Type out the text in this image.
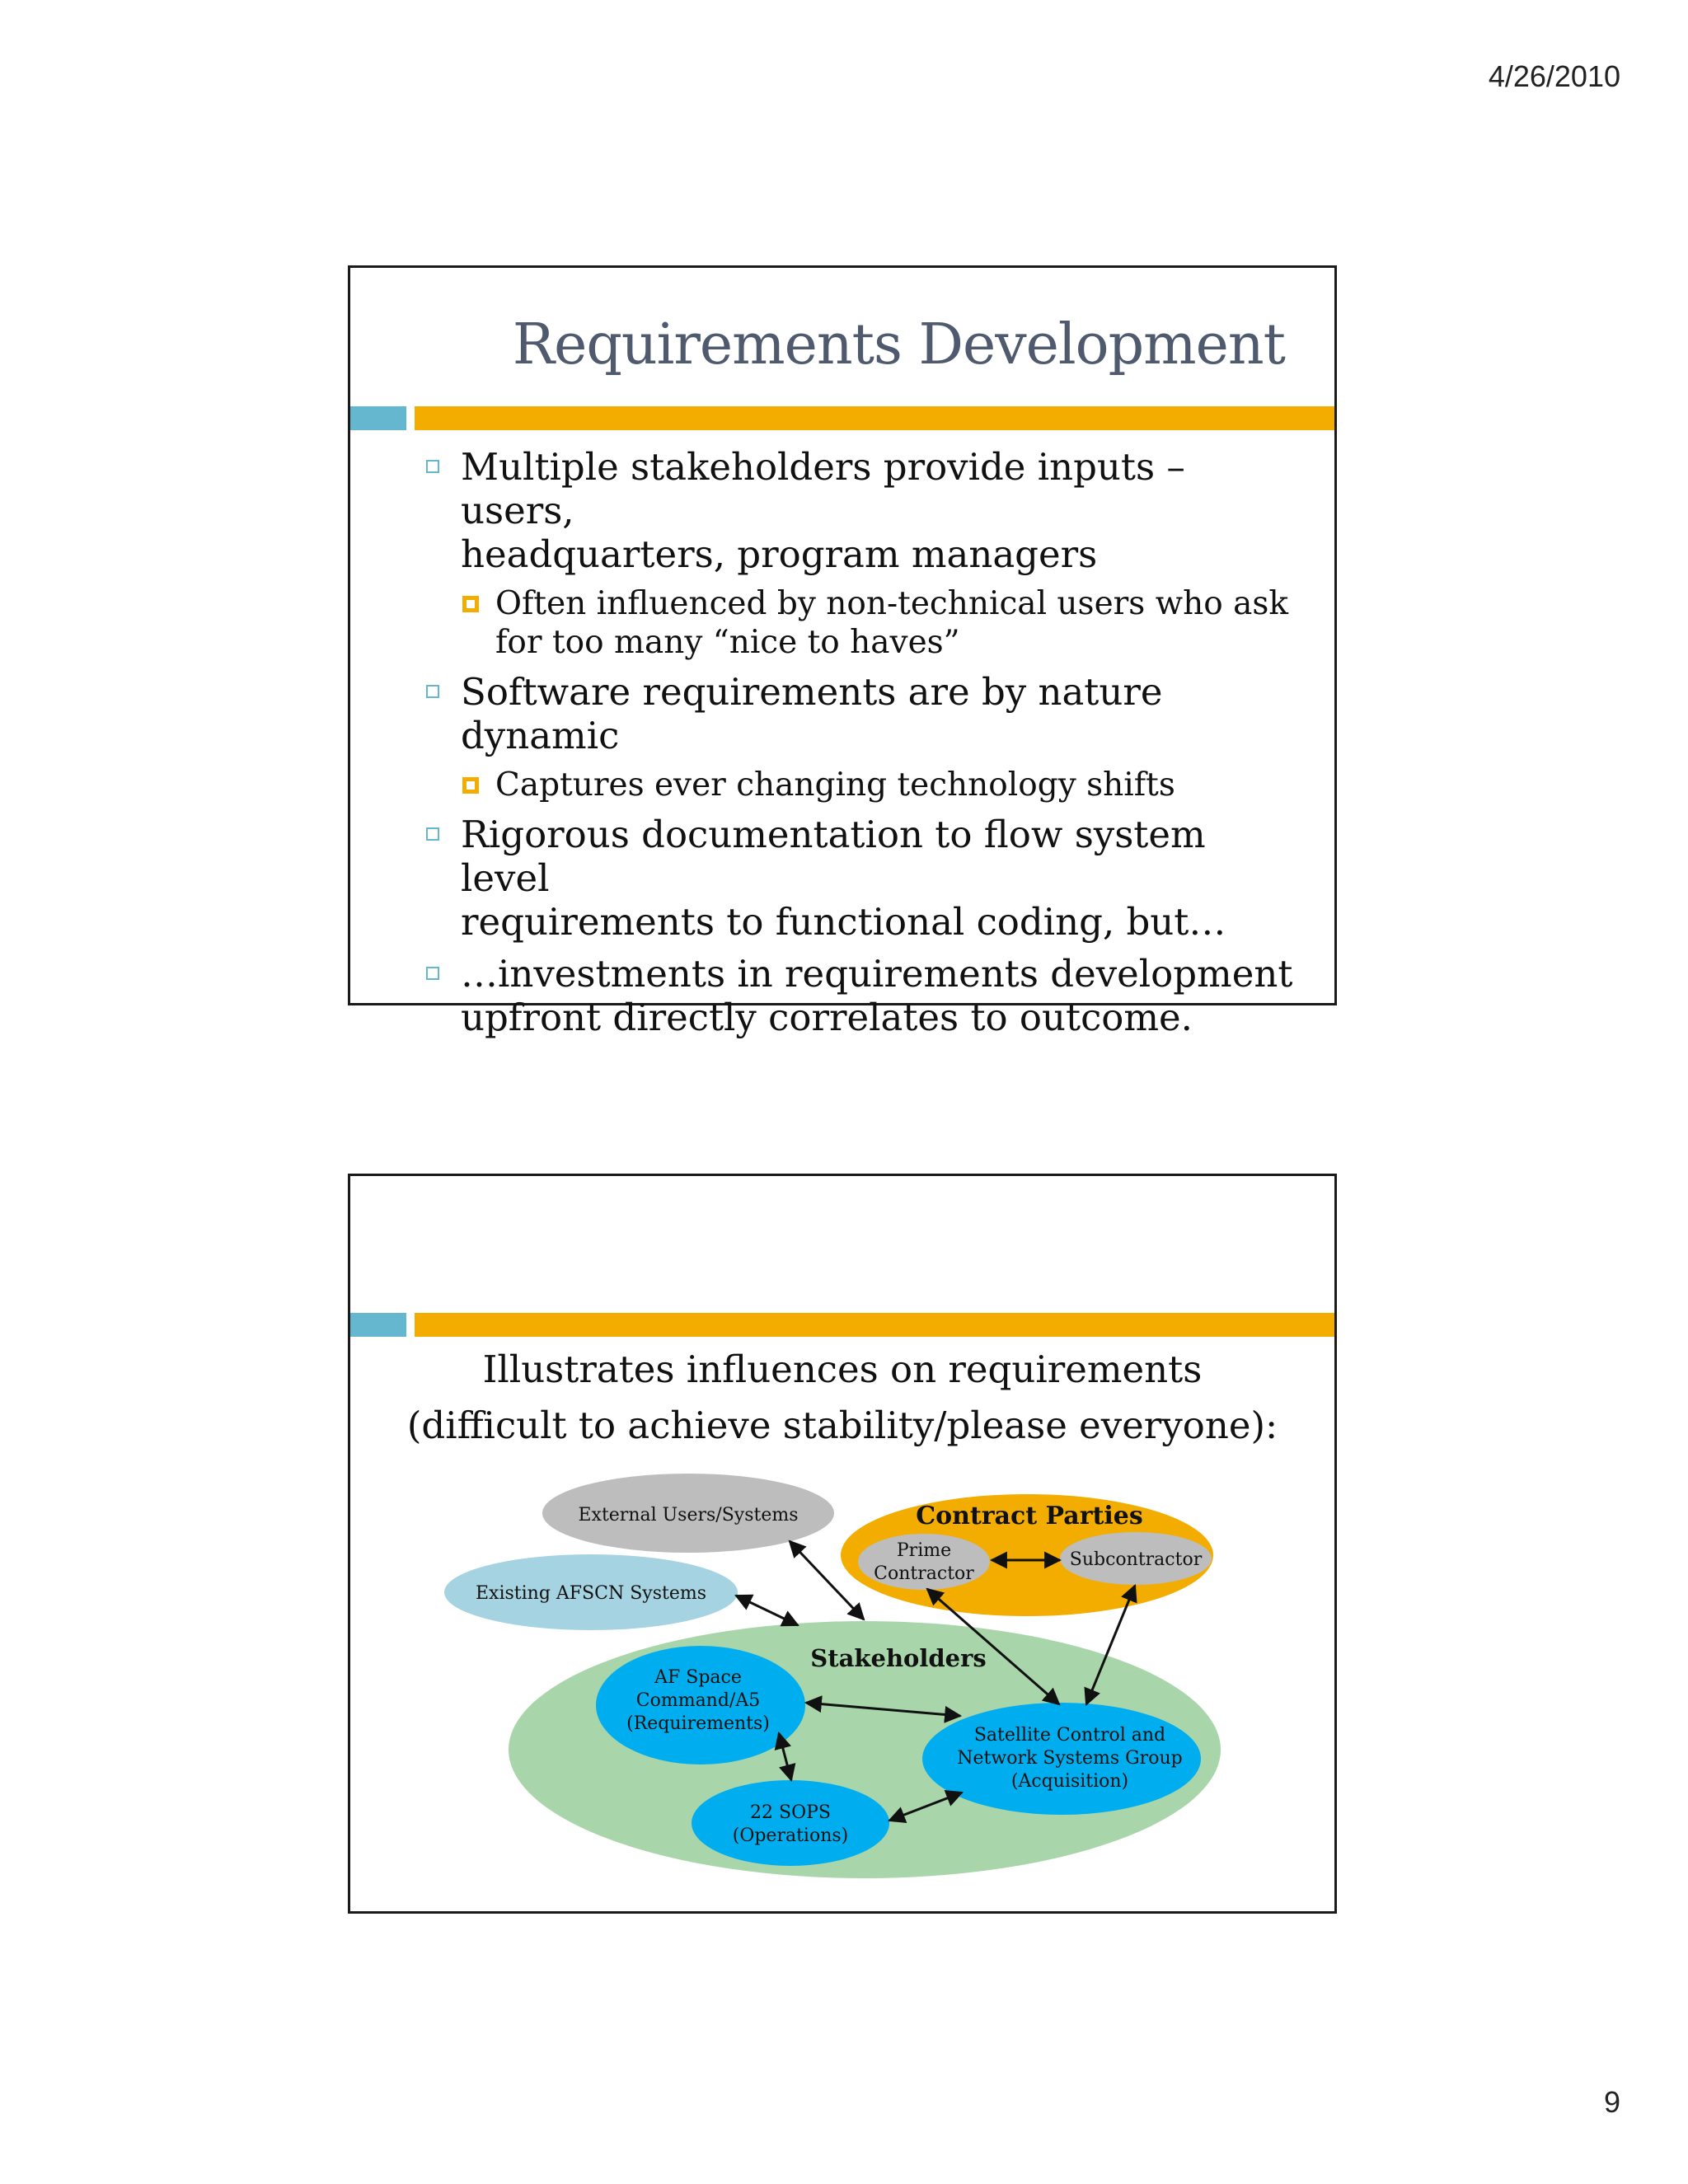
4/26/2010
Requirements Development
Multiple stakeholders provide inputs – users,
headquarters, program managers
Often influenced by non-technical users who ask
for too many “nice to haves”
Software requirements are by nature dynamic
Captures ever changing technology shifts
Rigorous documentation to flow system level
requirements to functional coding, but…
…investments in requirements development
upfront directly correlates to outcome.

Illustrates influences on requirements

(difficult to achieve stability/please everyone):

Stakeholders
External Users/Systems
Existing AFSCN Systems
Contract Parties
Prime
Contractor
Subcontractor
AF Space
Command/A5
(Requirements)
Satellite Control and
Network Systems Group
(Acquisition)
22 SOPS
(Operations)
9
